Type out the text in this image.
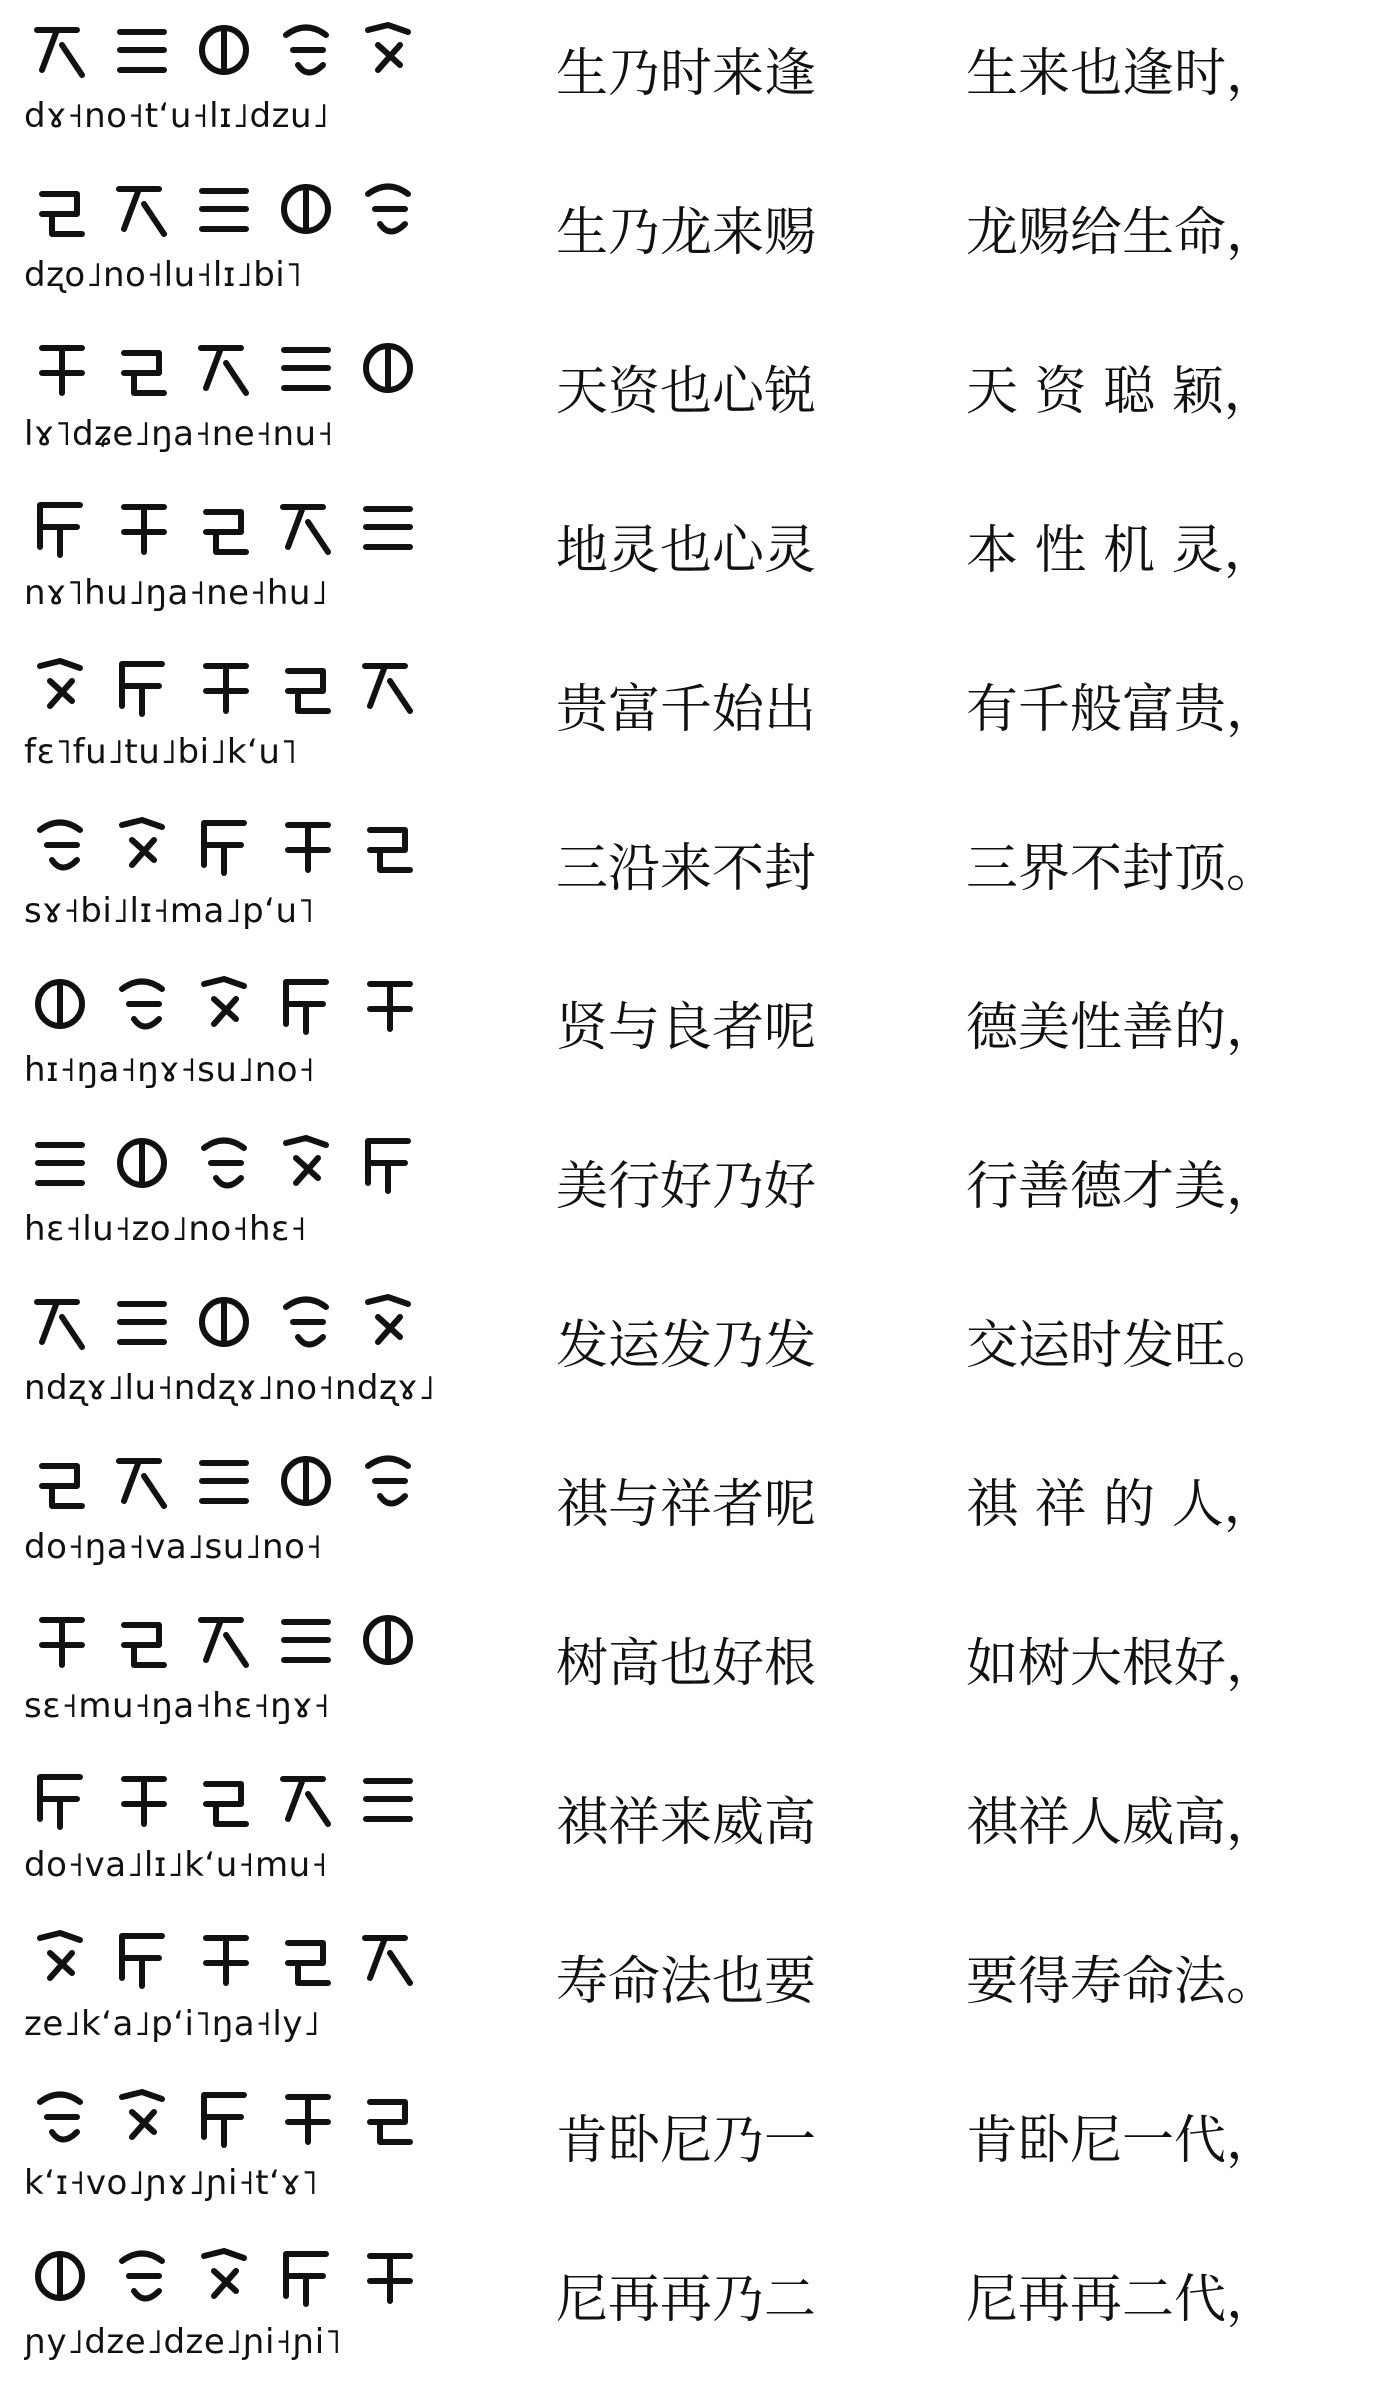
dɤ˧no˧tʻu˧lɪ˩dzu˩
生乃时来逢	生来也逢时，
dʐo˩no˧lu˧lɪ˩bi˥
生乃龙来赐	龙赐给生命，
lɤ˥dʑe˩ŋa˧ne˧nu˧
天资也心锐	天 资 聪 颖，
nɤ˥hu˩ŋa˧ne˧hu˩
地灵也心灵	本 性 机 灵，
fɛ˥fu˩tu˩bi˩kʻu˥
贵富千始出	有千般富贵，
sɤ˧bi˩lɪ˧ma˩pʻu˥
三沿来不封	三界不封顶。
hɪ˧ŋa˧ŋɤ˧su˩no˧
贤与良者呢	德美性善的，
hɛ˧lu˧zo˩no˧hɛ˧
美行好乃好	行善德才美，
ndʐɤ˩lu˧ndʐɤ˩no˧ndʐɤ˩
发运发乃发	交运时发旺。
do˧ŋa˧va˩su˩no˧
祺与祥者呢	祺 祥 的 人，
sɛ˧mu˧ŋa˧hɛ˧ŋɤ˧
树高也好根	如树大根好，
do˧va˩lɪ˩kʻu˧mu˧
祺祥来威高	祺祥人威高，
ze˩kʻa˩pʻi˥ŋa˧ly˩
寿命法也要	要得寿命法。
kʻɪ˧vo˩ɲɤ˩ɲi˧tʻɤ˥
肯卧尼乃一	肯卧尼一代，
ɲy˩dze˩dze˩ɲi˧ɲi˥
尼再再乃二	尼再再二代，
